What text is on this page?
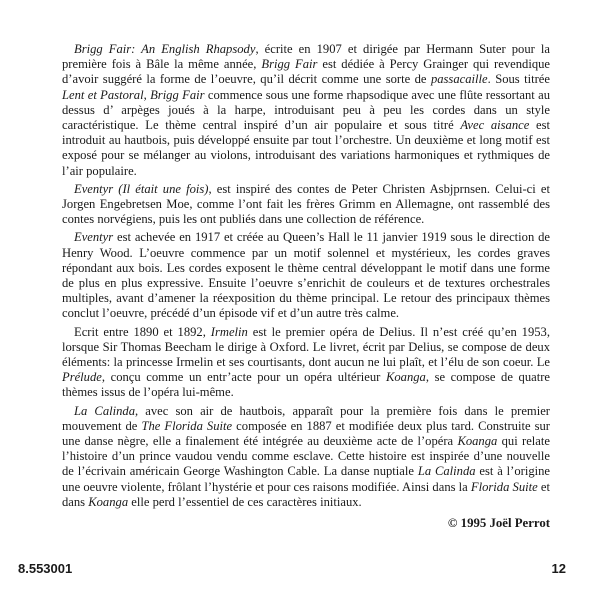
Brigg Fair: An English Rhapsody, écrite en 1907 et dirigée par Hermann Suter pour la première fois à Bâle la même année, Brigg Fair est dédiée à Percy Grainger qui revendique d’avoir suggéré la forme de l’oeuvre, qu’il décrit comme une sorte de passacaille. Sous titrée Lent et Pastoral, Brigg Fair commence sous une forme rhapsodique avec une flûte ressortant au dessus d’ arpèges joués à la harpe, introduisant peu à peu les cordes dans un style caractéristique. Le thème central inspiré d’un air populaire et sous titré Avec aisance est introduit au hautbois, puis développé ensuite par tout l’orchestre. Un deuxième et long motif est exposé pour se mélanger au violons, introduisant des variations harmoniques et rythmiques de l’air populaire.

Eventyr (Il était une fois), est inspiré des contes de Peter Christen Asbjprnsen. Celui-ci et Jorgen Engebretsen Moe, comme l’ont fait les frères Grimm en Allemagne, ont rassemblé des contes norvégiens, puis les ont publiés dans une collection de référence.

Eventyr est achevée en 1917 et créée au Queen’s Hall le 11 janvier 1919 sous le direction de Henry Wood. L’oeuvre commence par un motif solennel et mystérieux, les cordes graves répondant aux bois. Les cordes exposent le thème central développant le motif dans une forme de plus en plus expressive. Ensuite l’oeuvre s’enrichit de couleurs et de textures orchestrales multiples, avant d’amener la réexposition du thème principal. Le retour des principaux thèmes conclut l’oeuvre, précédé d’un épisode vif et d’un autre très calme.

Ecrit entre 1890 et 1892, Irmelin est le premier opéra de Delius. Il n’est créé qu’en 1953, lorsque Sir Thomas Beecham le dirige à Oxford. Le livret, écrit par Delius, se compose de deux éléments: la princesse Irmelin et ses courtisants, dont aucun ne lui plaît, et l’élu de son coeur. Le Prélude, conçu comme un entr’acte pour un opéra ultérieur Koanga, se compose de quatre thèmes issus de l’opéra lui-même.

La Calinda, avec son air de hautbois, apparaît pour la première fois dans le premier mouvement de The Florida Suite composée en 1887 et modifiée deux plus tard. Construite sur une danse nègre, elle a finalement été intégrée au deuxième acte de l’opéra Koanga qui relate l’histoire d’un prince vaudou vendu comme esclave. Cette histoire est inspirée d’une nouvelle de l’écrivain américain George Washington Cable. La danse nuptiale La Calinda est à l’origine une oeuvre violente, frôlant l’hystérie et pour ces raisons modifiée. Ainsi dans la Florida Suite et dans Koanga elle perd l’essentiel de ces caractères initiaux.

© 1995 Joël Perrot
8.553001	12
